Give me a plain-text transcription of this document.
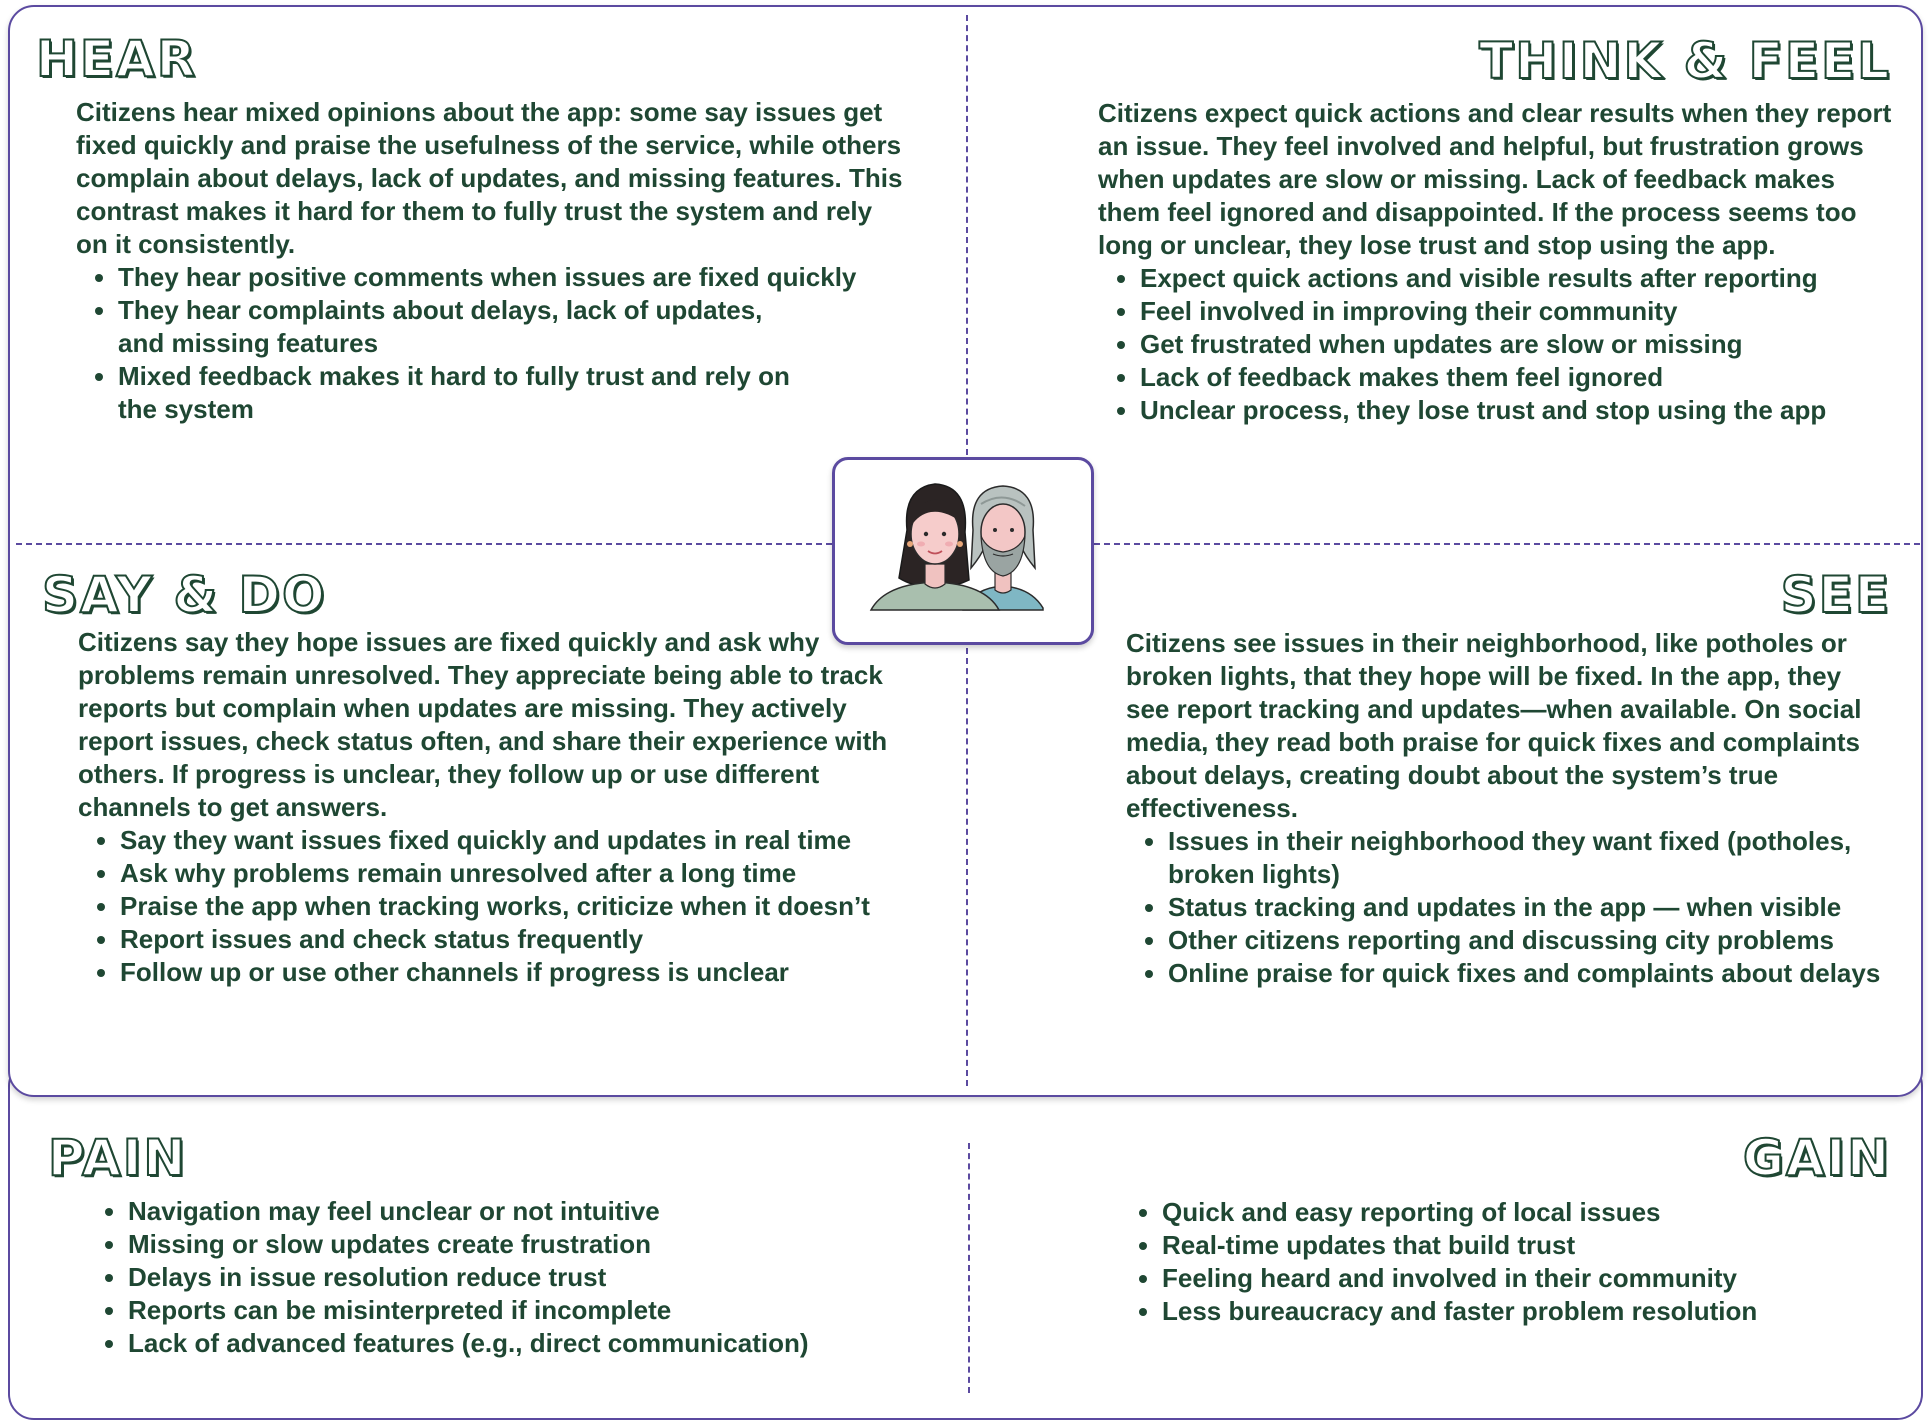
HEAR

Citizens hear mixed opinions about the app: some say issues get fixed quickly and praise the usefulness of the service, while others complain about delays, lack of updates, and missing features. This contrast makes it hard for them to fully trust the system and rely on it consistently.

• They hear positive comments when issues are fixed quickly
• They hear complaints about delays, lack of updates, and missing features
• Mixed feedback makes it hard to fully trust and rely on the system
THINK & FEEL

Citizens expect quick actions and clear results when they report an issue. They feel involved and helpful, but frustration grows when updates are slow or missing. Lack of feedback makes them feel ignored and disappointed. If the process seems too long or unclear, they lose trust and stop using the app.

• Expect quick actions and visible results after reporting
• Feel involved in improving their community
• Get frustrated when updates are slow or missing
• Lack of feedback makes them feel ignored
• Unclear process, they lose trust and stop using the app
SAY & DO

Citizens say they hope issues are fixed quickly and ask why problems remain unresolved. They appreciate being able to track reports but complain when updates are missing. They actively report issues, check status often, and share their experience with others. If progress is unclear, they follow up or use different channels to get answers.

• Say they want issues fixed quickly and updates in real time
• Ask why problems remain unresolved after a long time
• Praise the app when tracking works, criticize when it doesn’t
• Report issues and check status frequently
• Follow up or use other channels if progress is unclear
SEE

Citizens see issues in their neighborhood, like potholes or broken lights, that they hope will be fixed. In the app, they see report tracking and updates—when available. On social media, they read both praise for quick fixes and complaints about delays, creating doubt about the system’s true effectiveness.

• Issues in their neighborhood they want fixed (potholes, broken lights)
• Status tracking and updates in the app — when visible
• Other citizens reporting and discussing city problems
• Online praise for quick fixes and complaints about delays
PAIN
• Navigation may feel unclear or not intuitive
• Missing or slow updates create frustration
• Delays in issue resolution reduce trust
• Reports can be misinterpreted if incomplete
• Lack of advanced features (e.g., direct communication)
GAIN
• Quick and easy reporting of local issues
• Real-time updates that build trust
• Feeling heard and involved in their community
• Less bureaucracy and faster problem resolution
